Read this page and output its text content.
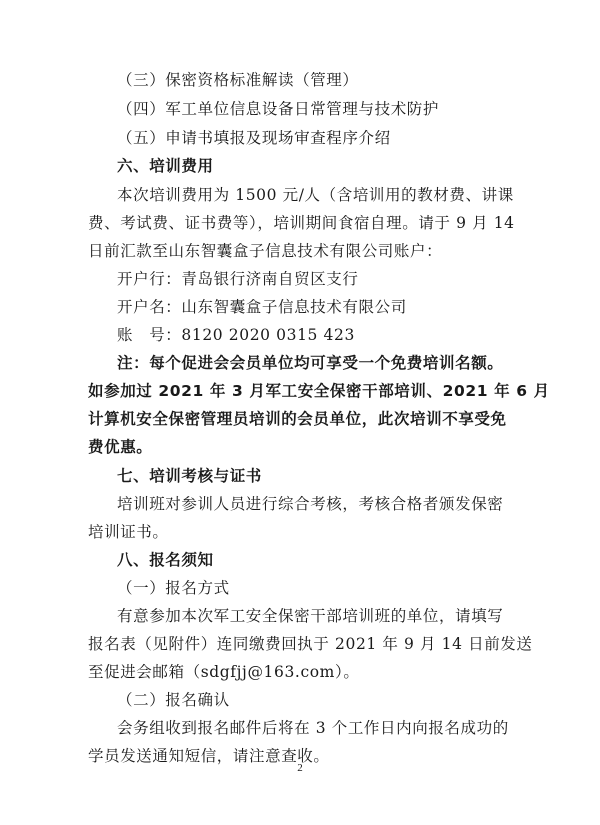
（三）保密资格标准解读（管理）
（四）军工单位信息设备日常管理与技术防护
（五）申请书填报及现场审查程序介绍
六、培训费用
本次培训费用为 1500 元/人（含培训用的教材费、讲课
费、考试费、证书费等），培训期间食宿自理。请于 9 月 14
日前汇款至山东智囊盒子信息技术有限公司账户：
开户行：青岛银行济南自贸区支行
开户名：山东智囊盒子信息技术有限公司
账　号：8120 2020 0315 423
注：每个促进会会员单位均可享受一个免费培训名额。
如参加过 2021 年 3 月军工安全保密干部培训、2021 年 6 月
计算机安全保密管理员培训的会员单位，此次培训不享受免
费优惠。
七、培训考核与证书
培训班对参训人员进行综合考核，考核合格者颁发保密
培训证书。
八、报名须知
（一）报名方式
有意参加本次军工安全保密干部培训班的单位，请填写
报名表（见附件）连同缴费回执于 2021 年 9 月 14 日前发送
至促进会邮箱（sdgfjj@163.com）。
（二）报名确认
会务组收到报名邮件后将在 3 个工作日内向报名成功的
学员发送通知短信，请注意查收。
2
